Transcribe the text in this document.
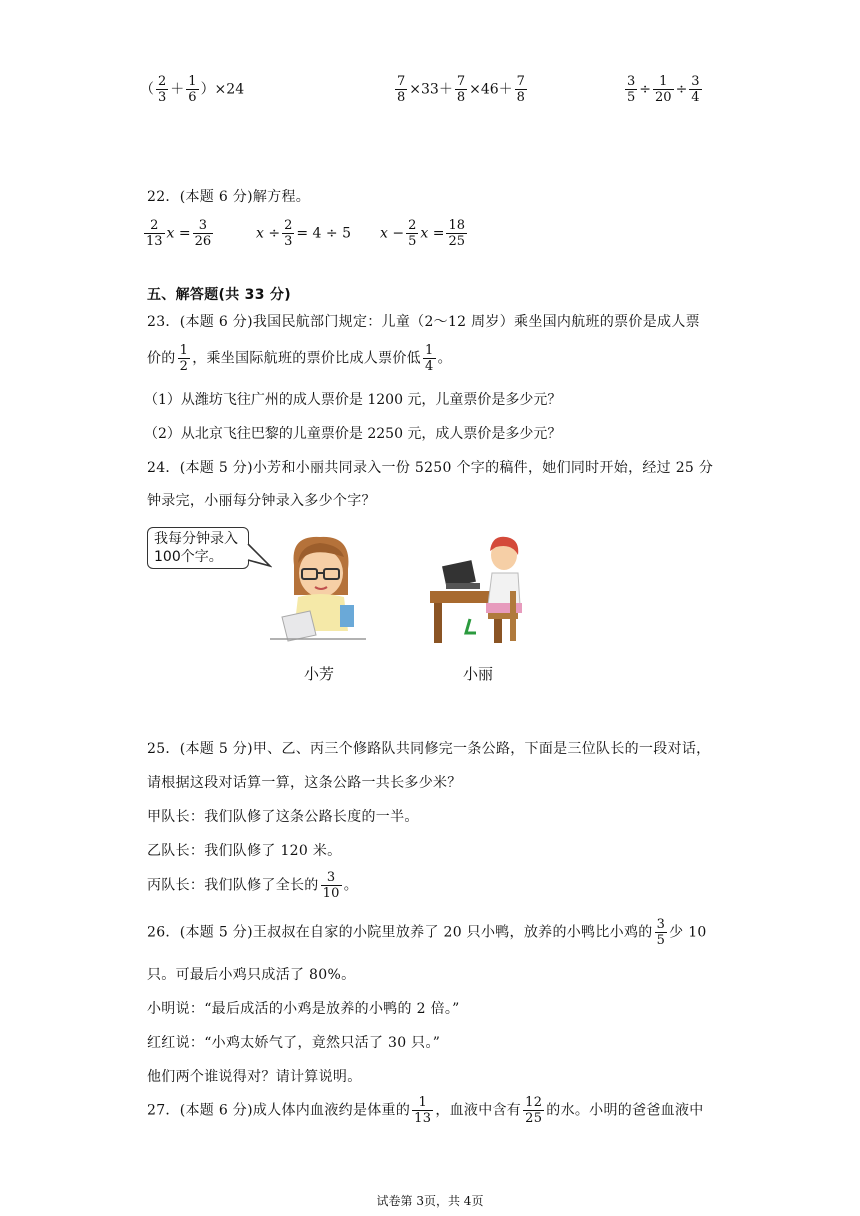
（ $\frac{2}{3} + \frac{1}{6} )\times 24$	$\frac{7}{8} \times 33+ \frac{7}{8} \times 46+ \frac{7}{8}$	$\frac{3}{5} \div \frac{1}{20} \div \frac{3}{4}$
22．(本题 6 分)解方程。
$\frac{2}{13}$ $x = \frac{3}{26}$	$x \div \frac{2}{3} = 4 \div 5$ $x - \frac{2}{5}$ $x = \frac{18}{25}$
五、解答题(共 33 分)
23．(本题 6 分)我国民航部门规定：儿童（2～12 周岁）乘坐国内航班的票价是成人票
价的 $\frac{1}{2}$ ，乘坐国际航班的票价比成人票价低 $\frac{1}{4}$ 。
（1）从潍坊飞往广州的成人票价是 1200 元，儿童票价是多少元？
（2）从北京飞往巴黎的儿童票价是 2250 元，成人票价是多少元？
24．(本题 5 分)小芳和小丽共同录入一份 5250 个字的稿件，她们同时开始，经过 25 分
钟录完，小丽每分钟录入多少个字？
我每分钟录入
100个字。
小芳	小丽
25．(本题 5 分)甲、乙、丙三个修路队共同修完一条公路，下面是三位队长的一段对话，
请根据这段对话算一算，这条公路一共长多少米？
甲队长：我们队修了这条公路长度的一半。
乙队长：我们队修了 120 米。
丙队长：我们队修了全长的 $\frac{3}{10}$ 。
26．(本题 5 分)王叔叔在自家的小院里放养了 20 只小鸭，放养的小鸭比小鸡的 $\frac{3}{5}$ 少 10
只。可最后小鸡只成活了 80%。
小明说：“最后成活的小鸡是放养的小鸭的 2 倍。”
红红说：“小鸡太娇气了，竟然只活了 30 只。”
他们两个谁说得对？请计算说明。
27．(本题 6 分)成人体内血液约是体重的 $\frac{1}{13}$ ，血液中含有 $\frac{12}{25}$ 的水。小明的爸爸血液中
试卷第 3页，共 4页
